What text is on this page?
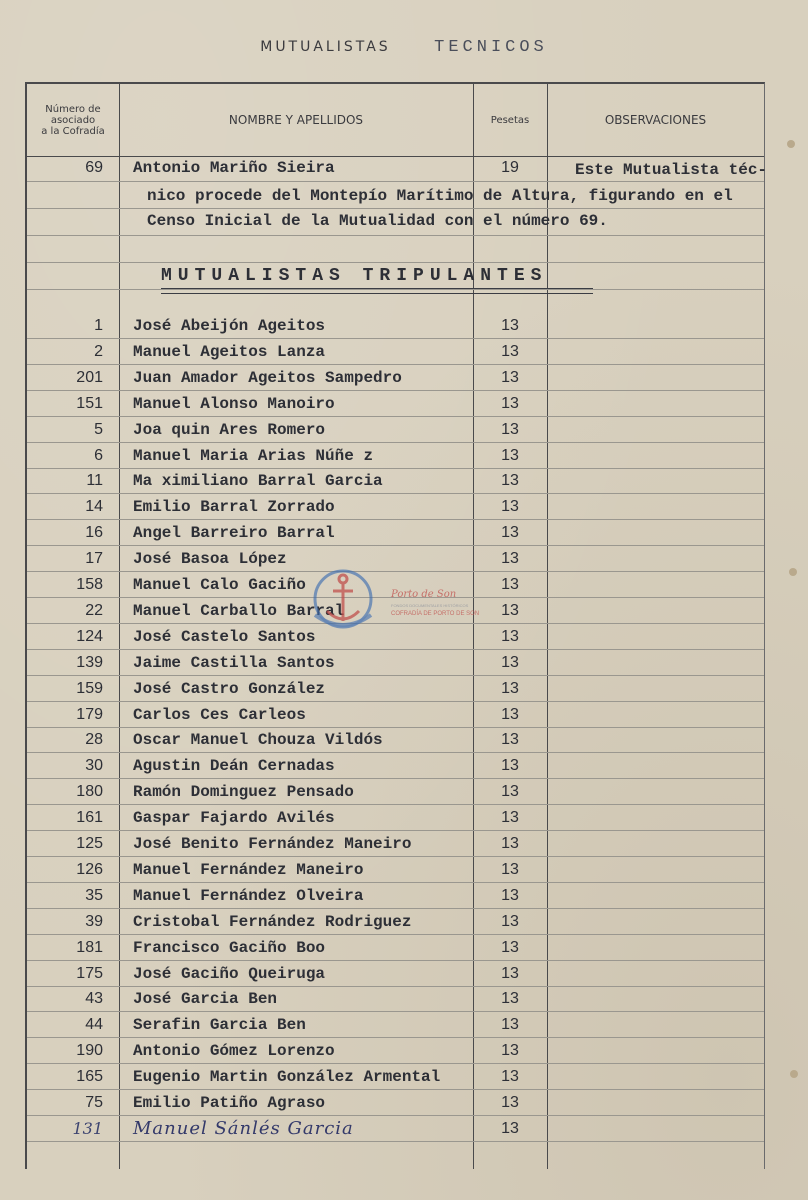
MUTUALISTAS	TECNICOS
Número de
asociado
a la Cofradía
NOMBRE Y APELLIDOS	Pesetas	OBSERVACIONES
69 Antonio Mariño Sieira	19	Este Mutualista téc-
nico procede del Montepío Marítimo de Altura, figurando en el
Censo Inicial de la Mutualidad con el número 69.
MUTUALISTAS TRIPULANTES
1 José Abeijón Ageitos	13
2 Manuel Ageitos Lanza	13
201 Juan Amador Ageitos Sampedro	13
151 Manuel Alonso Manoiro	13
5 Joa quin Ares Romero	13
6 Manuel Maria Arias Núñe z	13
11 Ma ximiliano Barral Garcia	13
14 Emilio Barral Zorrado	13
16 Angel Barreiro Barral	13
17 José Basoa López	13
158 Manuel Calo Gaciño	13
22 Manuel Carballo Barral	13
124 José Castelo Santos	13
139 Jaime Castilla Santos	13
159 José Castro González	13
179 Carlos Ces Carleos	13
28 Oscar Manuel Chouza Vildós	13
30 Agustin Deán Cernadas	13
180 Ramón Dominguez Pensado	13
161 Gaspar Fajardo Avilés	13
125 José Benito Fernández Maneiro	13
126 Manuel Fernández Maneiro	13
35 Manuel Fernández Olveira	13
39 Cristobal Fernández Rodriguez	13
181 Francisco Gaciño Boo	13
175 José Gaciño Queiruga	13
43 José Garcia Ben	13
44 Serafin Garcia Ben	13
190 Antonio Gómez Lorenzo	13
165 Eugenio Martin González Armental	13
75 Emilio Patiño Agraso	13
131 Manuel Sánlés Garcia	13
Porto de Son
FONDOS DOCUMENTALES HISTÓRICOS
COFRADÍA DE PORTO DE SON
